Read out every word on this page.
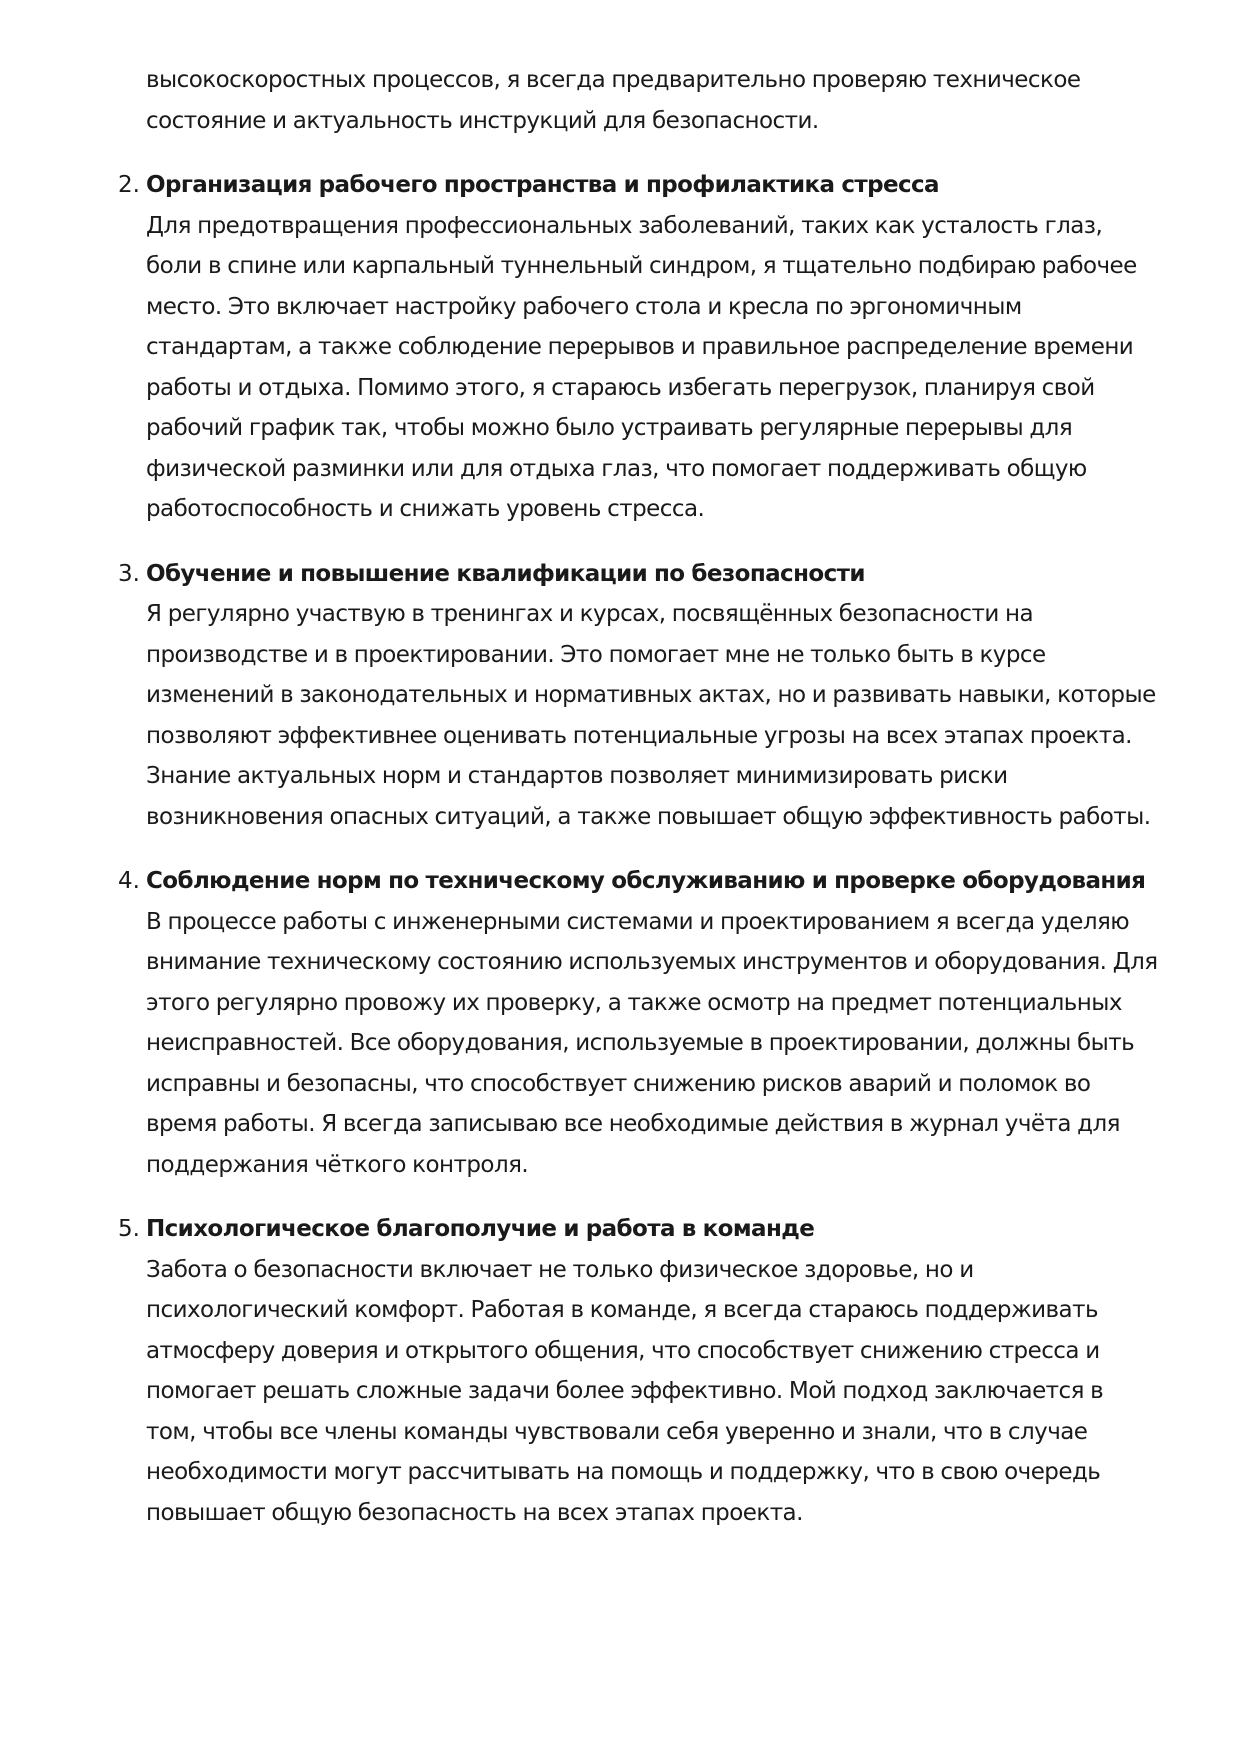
высокоскоростных процессов, я всегда предварительно проверяю техническое состояние и актуальность инструкций для безопасности.

2. Организация рабочего пространства и профилактика стресса

Для предотвращения профессиональных заболеваний, таких как усталость глаз, боли в спине или карпальный туннельный синдром, я тщательно подбираю рабочее место. Это включает настройку рабочего стола и кресла по эргономичным стандартам, а также соблюдение перерывов и правильное распределение времени работы и отдыха. Помимо этого, я стараюсь избегать перегрузок, планируя свой рабочий график так, чтобы можно было устраивать регулярные перерывы для физической разминки или для отдыха глаз, что помогает поддерживать общую работоспособность и снижать уровень стресса.

3. Обучение и повышение квалификации по безопасности

Я регулярно участвую в тренингах и курсах, посвящённых безопасности на производстве и в проектировании. Это помогает мне не только быть в курсе изменений в законодательных и нормативных актах, но и развивать навыки, которые позволяют эффективнее оценивать потенциальные угрозы на всех этапах проекта. Знание актуальных норм и стандартов позволяет минимизировать риски возникновения опасных ситуаций, а также повышает общую эффективность работы.

4. Соблюдение норм по техническому обслуживанию и проверке оборудования

В процессе работы с инженерными системами и проектированием я всегда уделяю внимание техническому состоянию используемых инструментов и оборудования. Для этого регулярно провожу их проверку, а также осмотр на предмет потенциальных неисправностей. Все оборудования, используемые в проектировании, должны быть исправны и безопасны, что способствует снижению рисков аварий и поломок во время работы. Я всегда записываю все необходимые действия в журнал учёта для поддержания чёткого контроля.

5. Психологическое благополучие и работа в команде

Забота о безопасности включает не только физическое здоровье, но и психологический комфорт. Работая в команде, я всегда стараюсь поддерживать атмосферу доверия и открытого общения, что способствует снижению стресса и помогает решать сложные задачи более эффективно. Мой подход заключается в том, чтобы все члены команды чувствовали себя уверенно и знали, что в случае необходимости могут рассчитывать на помощь и поддержку, что в свою очередь повышает общую безопасность на всех этапах проекта.
